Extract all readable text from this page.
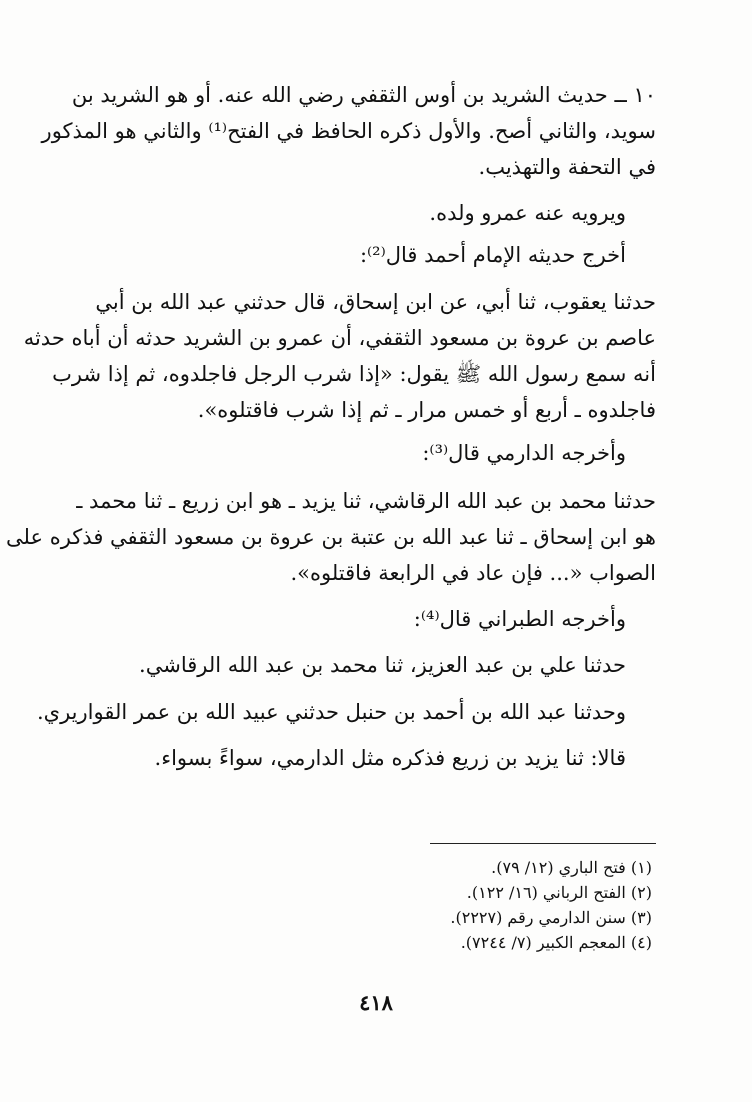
١٠ ــ حديث الشريد بن أوس الثقفي رضي الله عنه. أو هو الشريد بن
سويد، والثاني أصح. والأول ذكره الحافظ في الفتح⁽¹⁾ والثاني هو المذكور
في التحفة والتهذيب.
ويرويه عنه عمرو ولده.
أخرج حديثه الإمام أحمد قال⁽²⁾:
حدثنا يعقوب، ثنا أبي، عن ابن إسحاق، قال حدثني عبد الله بن أبي
عاصم بن عروة بن مسعود الثقفي، أن عمرو بن الشريد حدثه أن أباه حدثه
أنه سمع رسول الله ﷺ يقول: «إذا شرب الرجل فاجلدوه، ثم إذا شرب
فاجلدوه ـ أربع أو خمس مرار ـ ثم إذا شرب فاقتلوه».
وأخرجه الدارمي قال⁽³⁾:
حدثنا محمد بن عبد الله الرقاشي، ثنا يزيد ـ هو ابن زريع ـ ثنا محمد ـ
هو ابن إسحاق ـ ثنا عبد الله بن عتبة بن عروة بن مسعود الثقفي فذكره على
الصواب «... فإن عاد في الرابعة فاقتلوه».
وأخرجه الطبراني قال⁽⁴⁾:
حدثنا علي بن عبد العزيز، ثنا محمد بن عبد الله الرقاشي.
وحدثنا عبد الله بن أحمد بن حنبل حدثني عبيد الله بن عمر القواريري.
قالا: ثنا يزيد بن زريع فذكره مثل الدارمي، سواءً بسواء.
(١) فتح الباري (١٢/ ٧٩).
(٢) الفتح الرباني (١٦/ ١٢٢).
(٣) سنن الدارمي رقم (٢٢٢٧).
(٤) المعجم الكبير (٧/ ٧٢٤٤).
٤١٨
